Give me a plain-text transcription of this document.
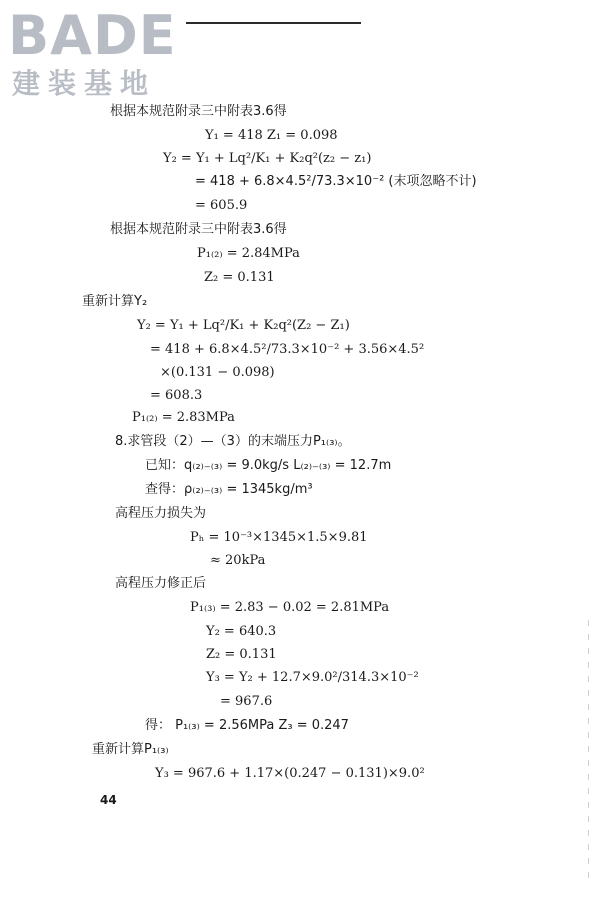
BADE
建装基地
根据本规范附录三中附表3.6得
Y₁ = 418 Z₁ = 0.098
Y₂ = Y₁ + Lq²/K₁ + K₂q²(z₂ − z₁)
= 418 + 6.8×4.5²/73.3×10⁻² (末项忽略不计)
= 605.9
根据本规范附录三中附表3.6得
P₁₍₂₎ = 2.84MPa
Z₂ = 0.131
重新计算Y₂
Y₂ = Y₁ + Lq²/K₁ + K₂q²(Z₂ − Z₁)
= 418 + 6.8×4.5²/73.3×10⁻² + 3.56×4.5²
×(0.131 − 0.098)
= 608.3
P₁₍₂₎ = 2.83MPa
8.求管段（2）—（3）的末端压力P₁₍₃₎。
已知：q₍₂₎₋₍₃₎ = 9.0kg/s L₍₂₎₋₍₃₎ = 12.7m
查得：ρ₍₂₎₋₍₃₎ = 1345kg/m³
高程压力损失为
Pₕ = 10⁻³×1345×1.5×9.81
≈ 20kPa
高程压力修正后
P₁₍₃₎ = 2.83 − 0.02 = 2.81MPa
Y₂ = 640.3
Z₂ = 0.131
Y₃ = Y₂ + 12.7×9.0²/314.3×10⁻²
= 967.6
得： P₁₍₃₎ = 2.56MPa Z₃ = 0.247
重新计算P₁₍₃₎
Y₃ = 967.6 + 1.17×(0.247 − 0.131)×9.0²
44
